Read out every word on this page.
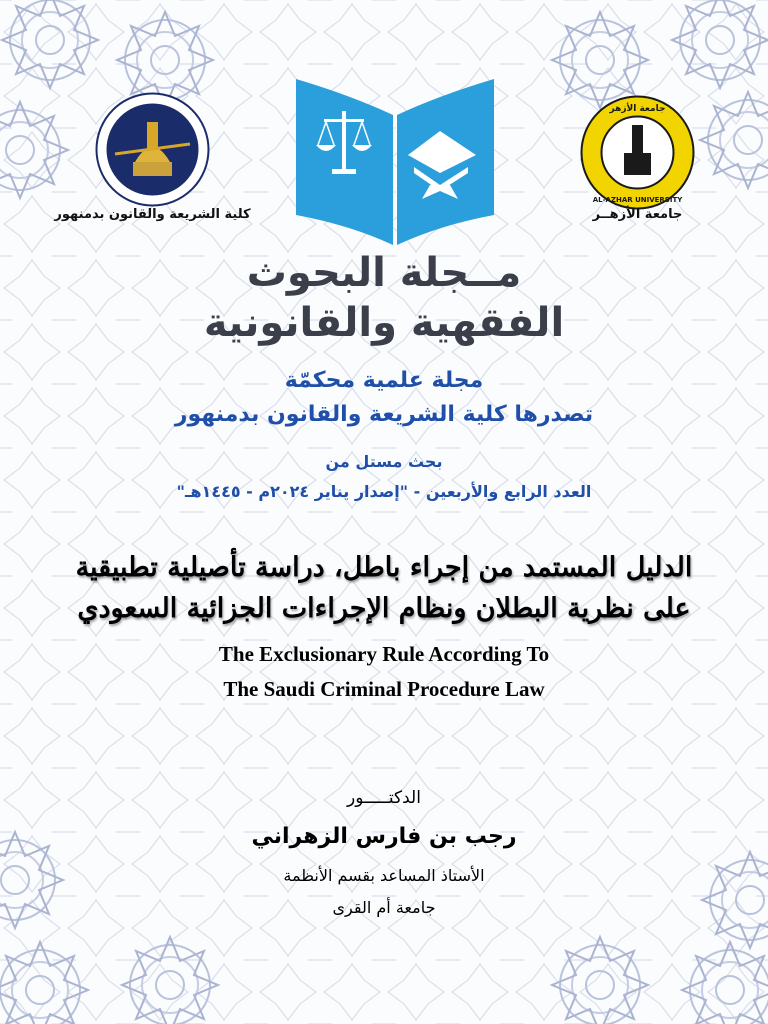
كلية الشريعة والقانون بدمنهور
جامعة الأزهر
AL-AZHAR UNIVERSITY
جامعة الأزهــر
مــجلة البحوث
الفقهية والقانونية
مجلة علمية محكمّة
تصدرها كلية الشريعة والقانون بدمنهور
بحث مستل من
العدد الرابع والأربعين - "إصدار يناير ٢٠٢٤م - ١٤٤٥هـ"
الدليل المستمد من إجراء باطل، دراسة تأصيلية تطبيقية
على نظرية البطلان ونظام الإجراءات الجزائية السعودي
The Exclusionary Rule According To
The Saudi Criminal Procedure Law
الدكتـــــور
رجب بن فارس الزهراني
الأستاذ المساعد بقسم الأنظمة
جامعة أم القرى
